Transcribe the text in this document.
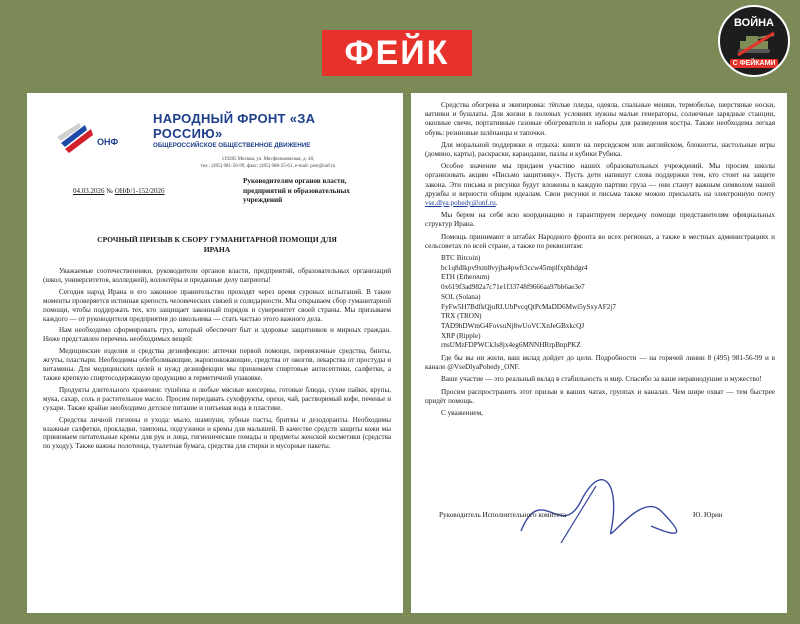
ФЕЙК
ВОЙНА
С ФЕЙКАМИ
ОНФ
НАРОДНЫЙ ФРОНТ «ЗА РОССИЮ»
ОБЩЕРОССИЙСКОЕ ОБЩЕСТВЕННОЕ ДВИЖЕНИЕ
119285 Москва, ул. Мосфильмовская, д. 40,
тел.: (495) 981-56-99, факс: (495) 988-25-61, e-mail: post@onf.ru
04.03.2026 № ОНФ/1-152/2026
Руководителям органов власти,
предприятий и образовательных
учреждений
СРОЧНЫЙ ПРИЗЫВ К СБОРУ ГУМАНИТАРНОЙ ПОМОЩИ ДЛЯ
ИРАНА

Уважаемые соотечественники, руководители органов власти, предприятий, образовательных организаций (школ, университетов, колледжей), волонтёры и преданные делу патриоты!

Сегодня народ Ирана и его законное правительство проходят через время суровых испытаний. В такие моменты проверяется истинная крепость человеческих связей и солидарности. Мы открываем сбор гуманитарной помощи, чтобы поддержать тех, кто защищает законный порядок и суверенитет своей страны. Мы призываем каждого — от руководителя предприятия до школьника — стать частью этого важного дела.

Нам необходимо сформировать груз, который обеспечит быт и здоровье защитников и мирных граждан. Ниже представлен перечень необходимых вещей:

Медицинские изделия и средства дезинфекции: аптечки первой помощи, перевязочные средства, бинты, жгуты, пластыри. Необходимы обезболивающие, жаропонижающие, средства от ожогов, лекарства от простуды и витамины. Для медицинских целей и нужд дезинфекции мы принимаем спиртовые антисептики, салфетки, а также крепкую спиртосодержащую продукцию в герметичной упаковке.

Продукты длительного хранения: тушёнка и любые мясные консервы, готовые блюда, сухие пайки, крупы, мука, сахар, соль и растительное масло. Просим передавать сухофрукты, орехи, чай, растворимый кофе, печенье и сухари. Также крайне необходимо детское питание и питьевая вода в пластике.

Средства личной гигиены и ухода: мыло, шампуни, зубные пасты, бритвы и дезодоранты. Необходимы влажные салфетки, прокладки, тампоны, подгузники и кремы для малышей. В качестве средств защиты кожи мы принимаем питательные кремы для рук и лица, гигиенические помады и предметы женской косметики (средства по уходу). Также важны полотенца, туалетная бумага, средства для стирки и мусорные пакеты.

Средства обогрева и экипировка: тёплые пледы, одеяла, спальные мешки, термобелье, шерстяные носки, ватники и бушлаты. Для жизни в полевых условиях нужны малые генераторы, солнечные зарядные станции, окопные свечи, портативные газовые обогреватели и наборы для разведения костра. Также необходима легкая обувь: резиновые шлёпанцы и тапочки.

Для моральной поддержки и отдыха: книги на персидском или английском, блокноты, настольные игры (домино, карты), раскраски, карандаши, пазлы и кубики Рубика.

Особое значение мы придаем участию наших образовательных учреждений. Мы просим школы организовать акцию «Письмо защитнику». Пусть дети напишут слова поддержки тем, кто стоит на защите закона. Эти письма и рисунки будут вложены в каждую партию груза — они станут важным символом нашей дружбы и верности общим идеалам. Свои рисунки и письма также можно присылать на электронную почту vse.dlya.pobedy@onf.ru.

Мы берем на себя всю координацию и гарантируем передачу помощи представителям официальных структур Ирана.

Помощь принимают в штабах Народного фронта во всех регионах, а также в местных администрациях и сельсоветах по всей стране, а также по реквизитам:

BTC Bitcoin)
bc1q8dlkpv9xm8vyjha4pwft3ccw45mplfxphhdgr4
ETH (Ethereum)
0x619f3ad982a7c71e1f33748f9666aa97bb6ae3e7
SOL (Solana)
FyFw5H7BdfkQjuRLUbPvcqQtPcMaDD6Mwi5ySxyAF2j7
TRX (TRON)
TAD9hDWmG4FovsuNj8wUoVCXnJeGBxkcQJ
XRP (Ripple)
rnsUMzFDPWCk3s8jx4eg6MNNHRrpBnpPKZ

Где бы вы ни жили, ваш вклад дойдет до цели. Подробности — на горячей линии 8 (495) 981-56-99 и в канале @VseDlyaPobedy_ONF.

Ваше участие — это реальный вклад в стабильность и мир. Спасибо за ваше неравнодушие и мужество!

Просим распространить этот призыв в ваших чатах, группах и каналах. Чем шире охват — тем быстрее придёт помощь.

С уважением,

Руководитель Исполнительного комитета	Ю. Юрин
